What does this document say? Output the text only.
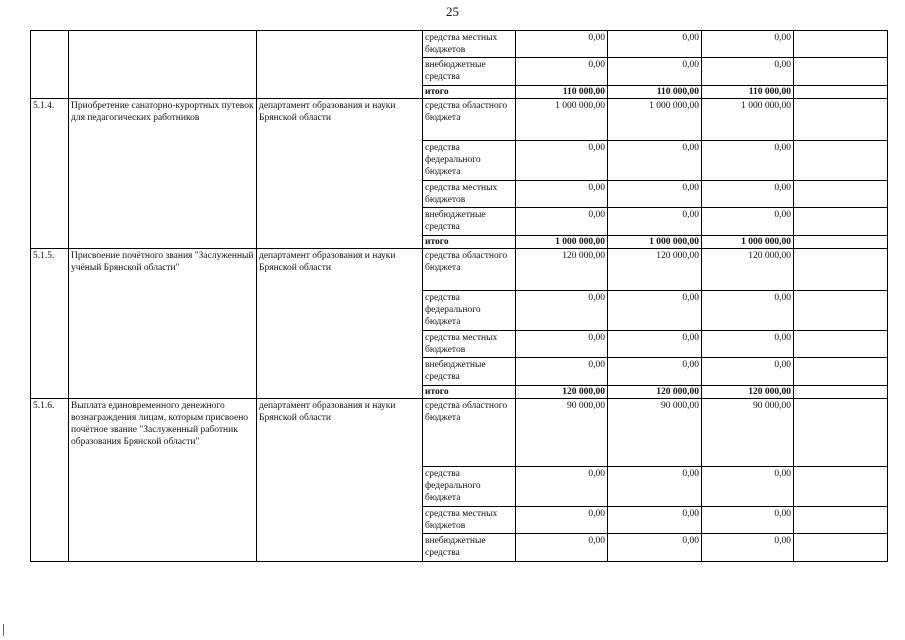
25
			средства местных бюджетов	0,00	0,00	0,00	
			внебюджетные средства	0,00	0,00	0,00	
			итого	110 000,00	110 000,00	110 000,00	
5.1.4.	Приобретение санаторно-курортных путевок для педагогических работников	департамент образования и науки Брянской области	средства областного бюджета	1 000 000,00	1 000 000,00	1 000 000,00	
			средства федерального бюджета	0,00	0,00	0,00	
			средства местных бюджетов	0,00	0,00	0,00	
			внебюджетные средства	0,00	0,00	0,00	
			итого	1 000 000,00	1 000 000,00	1 000 000,00	
5.1.5.	Присвоение почётного звания "Заслуженный учёный Брянской области"	департамент образования и науки Брянской области	средства областного бюджета	120 000,00	120 000,00	120 000,00	
			средства федерального бюджета	0,00	0,00	0,00	
			средства местных бюджетов	0,00	0,00	0,00	
			внебюджетные средства	0,00	0,00	0,00	
			итого	120 000,00	120 000,00	120 000,00	
5.1.6.	Выплата единовременного денежного вознаграждения лицам, которым присвоено почётное звание "Заслуженный работник образования Брянской области"	департамент образования и науки Брянской области	средства областного бюджета	90 000,00	90 000,00	90 000,00	
			средства федерального бюджета	0,00	0,00	0,00	
			средства местных бюджетов	0,00	0,00	0,00	
			внебюджетные средства	0,00	0,00	0,00	
